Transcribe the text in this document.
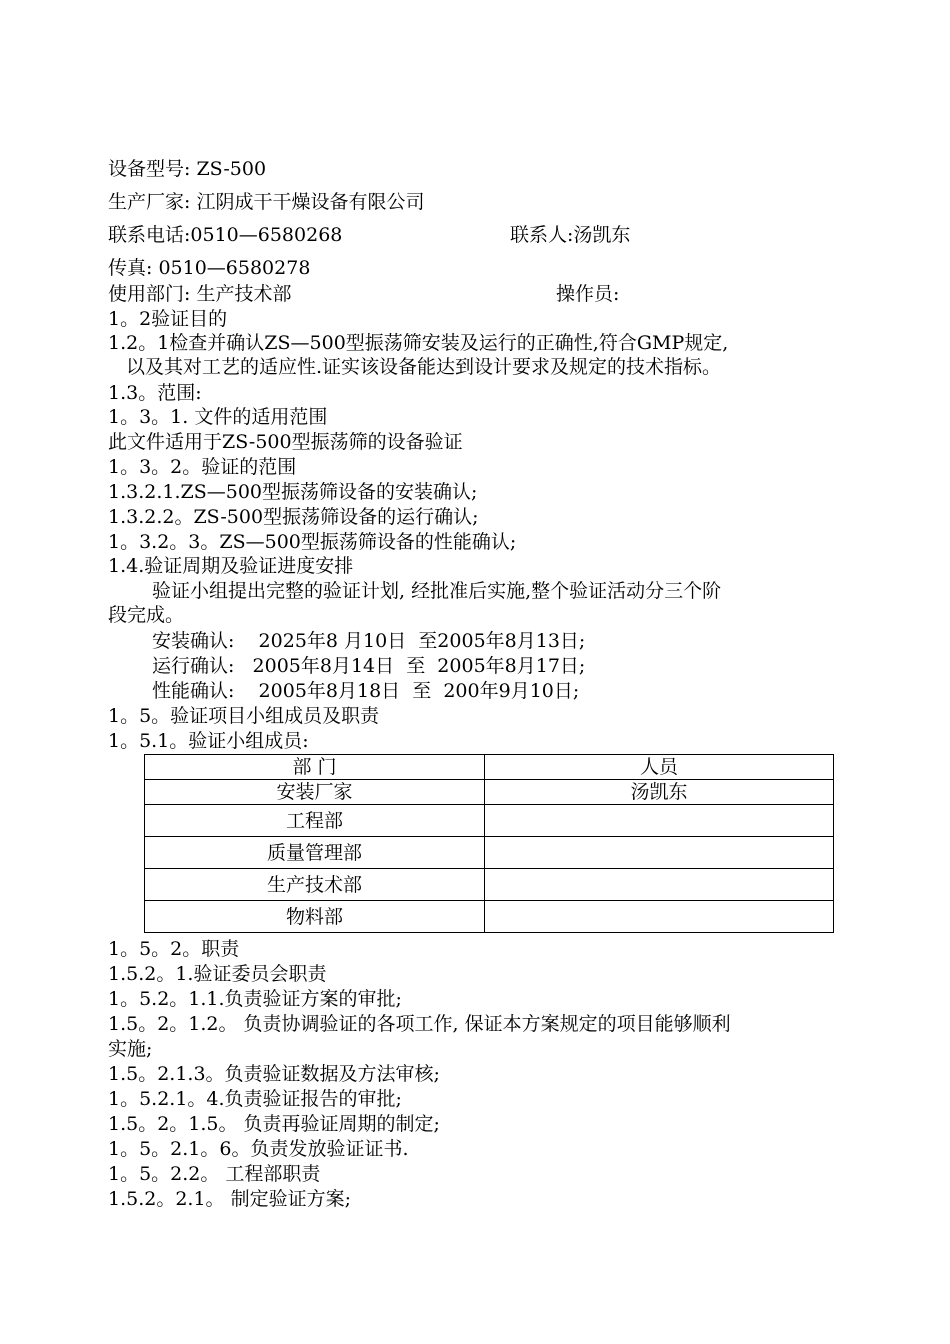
设备型号: ZS-500
生产厂家: 江阴成干干燥设备有限公司
联系电话:0510—6580268	联系人:汤凯东
传真: 0510—6580278
使用部门: 生产技术部	操作员:
1。2验证目的
1.2。1检查并确认ZS—500型振荡筛安装及运行的正确性,符合GMP规定,
以及其对工艺的适应性.证实该设备能达到设计要求及规定的技术指标。
1.3。范围:
1。3。1. 文件的适用范围
此文件适用于ZS-500型振荡筛的设备验证
1。3。2。验证的范围
1.3.2.1.ZS—500型振荡筛设备的安装确认;
1.3.2.2。ZS-500型振荡筛设备的运行确认;
1。3.2。3。ZS—500型振荡筛设备的性能确认;
1.4.验证周期及验证进度安排
验证小组提出完整的验证计划, 经批准后实施,整个验证活动分三个阶
段完成。
安装确认:    2025年8 月10日  至2005年8月13日;
运行确认:   2005年8月14日  至  2005年8月17日;
性能确认:    2005年8月18日  至  200年9月10日;
1。5。验证项目小组成员及职责
1。5.1。验证小组成员:
部 门	人员
安装厂家	汤凯东
工程部	
质量管理部	
生产技术部	
物料部	
1。5。2。职责
1.5.2。1.验证委员会职责
1。5.2。1.1.负责验证方案的审批;
1.5。2。1.2。 负责协调验证的各项工作, 保证本方案规定的项目能够顺利
实施;
1.5。2.1.3。负责验证数据及方法审核;
1。5.2.1。4.负责验证报告的审批;
1.5。2。1.5。 负责再验证周期的制定;
1。5。2.1。6。负责发放验证证书.
1。5。2.2。 工程部职责
1.5.2。2.1。 制定验证方案;
